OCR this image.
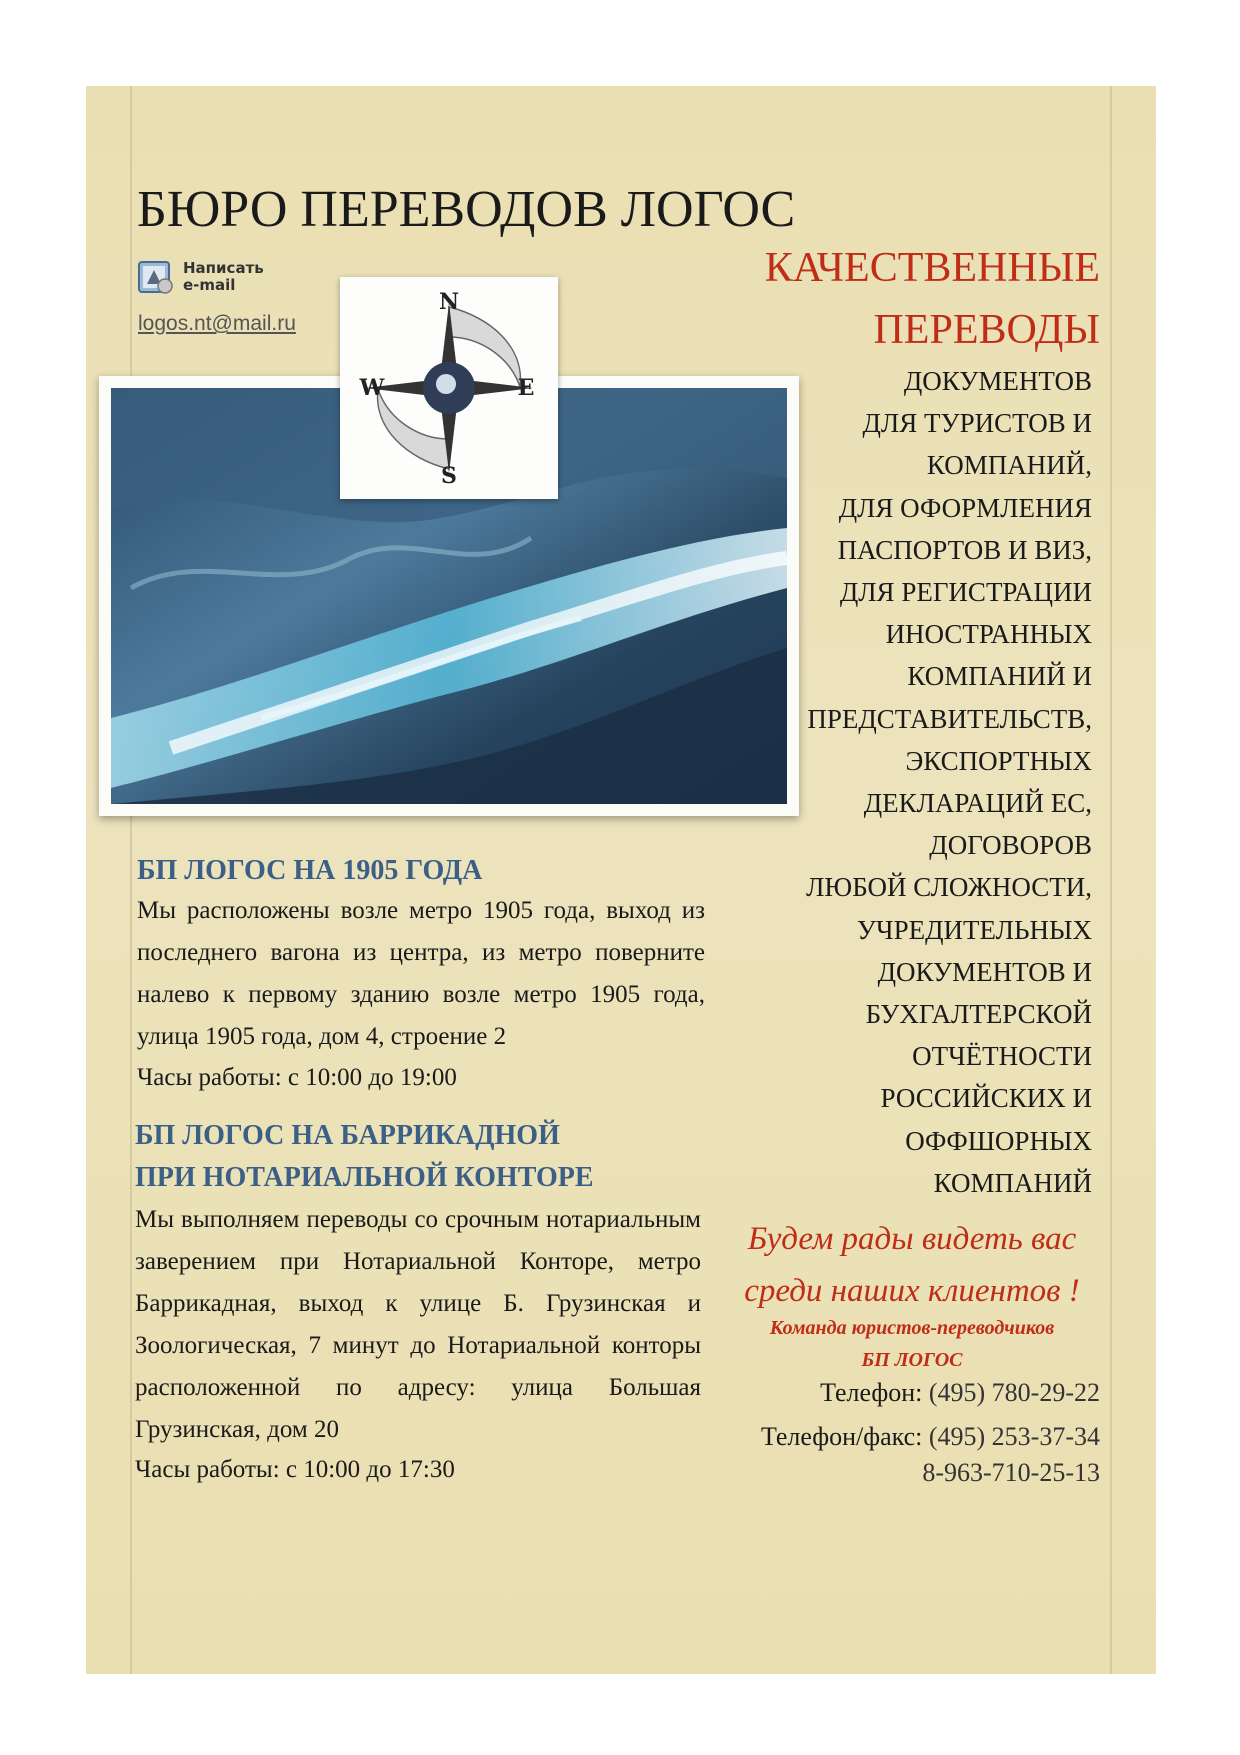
БЮРО ПЕРЕВОДОВ ЛОГОС
Написать
e-mail
logos.nt@mail.ru
N
E
S
W
КАЧЕСТВЕННЫЕ
ПЕРЕВОДЫ
ДОКУМЕНТОВ
ДЛЯ ТУРИСТОВ И
КОМПАНИЙ,
ДЛЯ ОФОРМЛЕНИЯ
ПАСПОРТОВ И ВИЗ,
ДЛЯ РЕГИСТРАЦИИ
ИНОСТРАННЫХ
КОМПАНИЙ И
ПРЕДСТАВИТЕЛЬСТВ,
ЭКСПОРТНЫХ
ДЕКЛАРАЦИЙ ЕС,
ДОГОВОРОВ
ЛЮБОЙ СЛОЖНОСТИ,
УЧРЕДИТЕЛЬНЫХ
ДОКУМЕНТОВ И
БУХГАЛТЕРСКОЙ
ОТЧЁТНОСТИ
РОССИЙСКИХ И
ОФФШОРНЫХ
КОМПАНИЙ
БП ЛОГОС НА 1905 ГОДА

Мы расположены возле метро 1905 года, выход из последнего вагона из центра, из метро поверните налево к первому зданию возле метро 1905 года, улица 1905 года, дом 4, строение 2

Часы работы: с 10:00 до 19:00

БП ЛОГОС НА БАРРИКАДНОЙ
ПРИ НОТАРИАЛЬНОЙ КОНТОРЕ

Мы выполняем переводы со срочным нотариальным заверением при Нотариальной Конторе, метро Баррикадная, выход к улице Б. Грузинская и Зоологическая, 7 минут до Нотариальной конторы расположенной по адресу: улица Большая Грузинская, дом 20

Часы работы: с 10:00 до 17:30

Будем рады видеть вас среди наших клиентов !

Команда юристов-переводчиков
БП ЛОГОС

Телефон: (495) 780-29-22
Телефон/факс: (495) 253-37-34
8-963-710-25-13
